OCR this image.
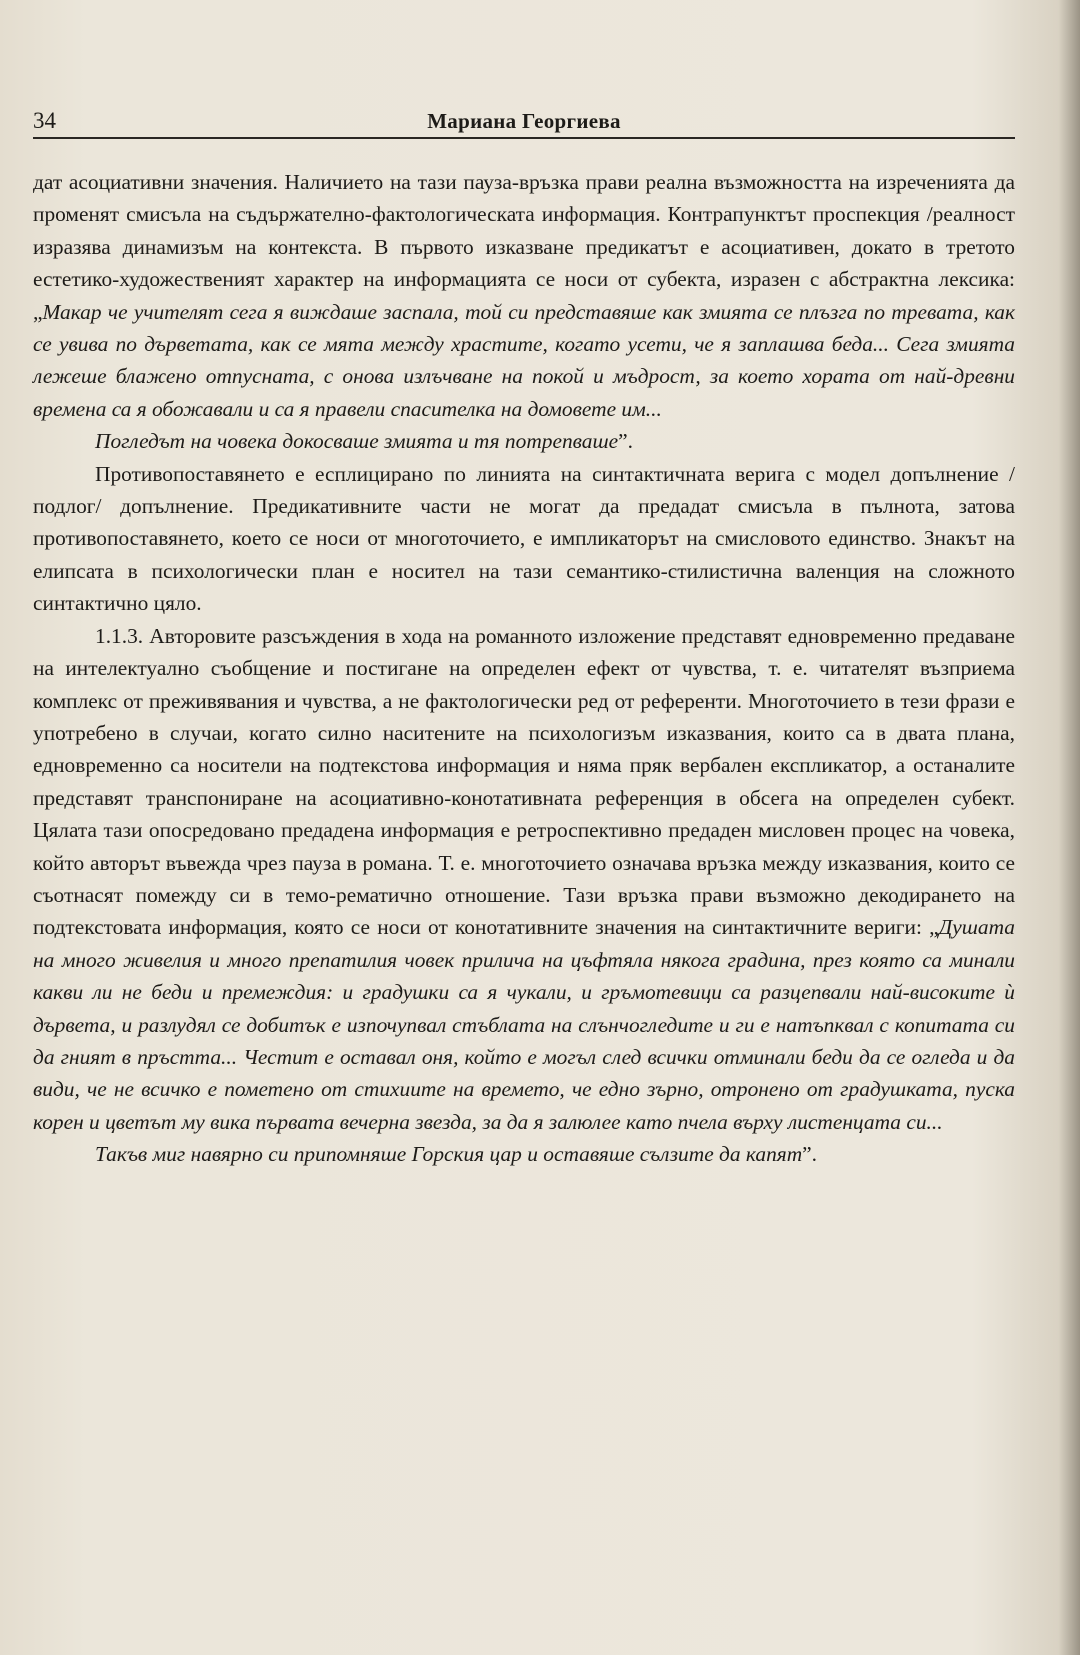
34	Мариана Георгиева

дат асоциативни значения. Наличието на тази пауза-връзка прави реална възможността на изреченията да променят смисъла на съдържателно-фактологическата информация. Контрапунктът проспекция /реалност изразява динамизъм на контекста. В първото изказване предикатът е асоциативен, докато в третото естетико-художественият характер на информацията се носи от субекта, изразен с абстрактна лексика: „Макар че учителят сега я виждаше заспала, той си представяше как змията се плъзга по тревата, как се увива по дърветата, как се мята между храстите, когато усети, че я заплашва беда... Сега змията лежеше блажено отпусната, с онова излъчване на покой и мъдрост, за което хората от най-древни времена са я обожавали и са я правели спасителка на домовете им...

Погледът на човека докосваше змията и тя потрепваше”.

Противопоставянето е есплицирано по линията на синтактичната верига с модел допълнение /подлог/ допълнение. Предикативните части не могат да предадат смисъла в пълнота, затова противопоставянето, което се носи от многоточието, е импликаторът на смисловото единство. Знакът на елипсата в психологически план е носител на тази семантико-стилистична валенция на сложното синтактично цяло.

1.1.3. Авторовите разсъждения в хода на романното изложение представят едновременно предаване на интелектуално съобщение и постигане на определен ефект от чувства, т. е. читателят възприема комплекс от преживявания и чувства, а не фактологически ред от референти. Многоточието в тези фрази е употребено в случаи, когато силно наситените на психологизъм изказвания, които са в двата плана, едновременно са носители на подтекстова информация и няма пряк вербален експликатор, а останалите представят транспониране на асоциативно-конотативната референция в обсега на определен субект. Цялата тази опосредовано предадена информация е ретроспективно предаден мисловен процес на човека, който авторът въвежда чрез пауза в романа. Т. е. многоточието означава връзка между изказвания, които се съотнасят помежду си в темо-рематично отношение. Тази връзка прави възможно декодирането на подтекстовата информация, която се носи от конотативните значения на синтактичните вериги: „Душата на много живелия и много препатилия човек прилича на цъфтяла някога градина, през която са минали какви ли не беди и премеждия: и градушки са я чукали, и гръмотевици са разцепвали най-високите ѝ дървета, и разлудял се добитък е изпочупвал стъблата на слънчогледите и ги е натъпквал с копитата си да гният в пръстта... Честит е оставал оня, който е могъл след всички отминали беди да се огледа и да види, че не всичко е пометено от стихиите на времето, че едно зърно, отронено от градушката, пуска корен и цветът му вика първата вечерна звезда, за да я залюлее като пчела върху листенцата си...

Такъв миг навярно си припомняше Горския цар и оставяше сълзите да капят”.
